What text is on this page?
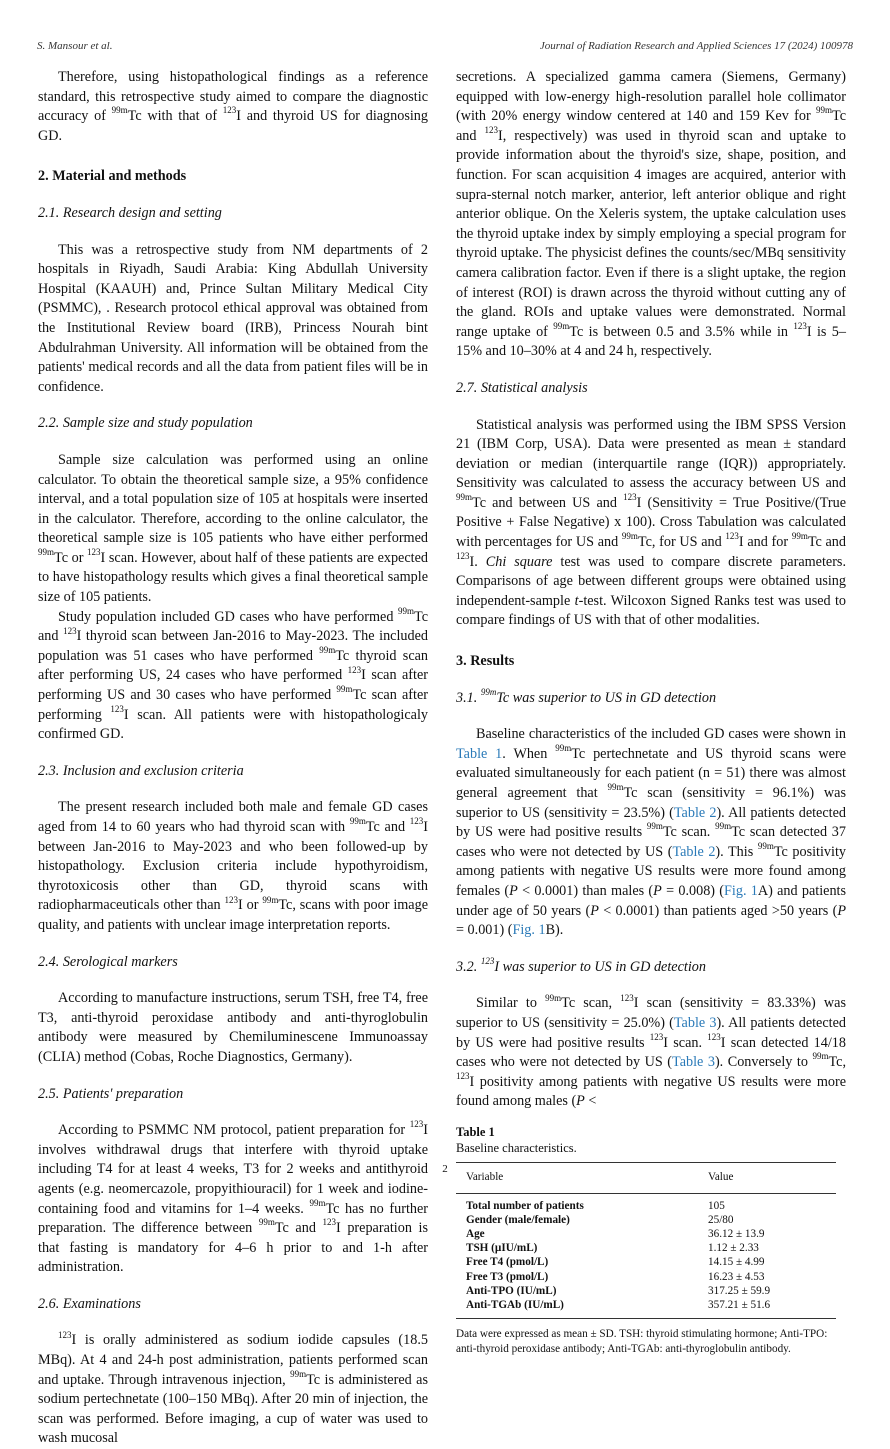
S. Mansour et al.	Journal of Radiation Research and Applied Sciences 17 (2024) 100978

Therefore, using histopathological findings as a reference standard, this retrospective study aimed to compare the diagnostic accuracy of $^{99m}$Tc with that of $^{123}$I and thyroid US for diagnosing GD.

2. Material and methods
2.1. Research design and setting

This was a retrospective study from NM departments of 2 hospitals in Riyadh, Saudi Arabia: King Abdullah University Hospital (KAAUH) and, Prince Sultan Military Medical City (PSMMC), . Research protocol ethical approval was obtained from the Institutional Review board (IRB), Princess Nourah bint Abdulrahman University. All information will be obtained from the patients' medical records and all the data from patient files will be in confidence.

2.2. Sample size and study population

Sample size calculation was performed using an online calculator. To obtain the theoretical sample size, a 95% confidence interval, and a total population size of 105 at hospitals were inserted in the calculator. Therefore, according to the online calculator, the theoretical sample size is 105 patients who have either performed $^{99m}$Tc or $^{123}$I scan. However, about half of these patients are expected to have histopathology results which gives a final theoretical sample size of 105 patients.

Study population included GD cases who have performed $^{99m}$Tc and $^{123}$I thyroid scan between Jan-2016 to May-2023. The included population was 51 cases who have performed $^{99m}$Tc thyroid scan after performing US, 24 cases who have performed $^{123}$I scan after performing US and 30 cases who have performed $^{99m}$Tc scan after performing $^{123}$I scan. All patients were with histopathologicaly confirmed GD.

2.3. Inclusion and exclusion criteria

The present research included both male and female GD cases aged from 14 to 60 years who had thyroid scan with $^{99m}$Tc and $^{123}$I between Jan-2016 to May-2023 and who been followed-up by histopathology. Exclusion criteria include hypothyroidism, thyrotoxicosis other than GD, thyroid scans with radiopharmaceuticals other than $^{123}$I or $^{99m}$Tc, scans with poor image quality, and patients with unclear image interpretation reports.

2.4. Serological markers

According to manufacture instructions, serum TSH, free T4, free T3, anti-thyroid peroxidase antibody and anti-thyroglobulin antibody were measured by Chemiluminescene Immunoassay (CLIA) method (Cobas, Roche Diagnostics, Germany).

2.5. Patients' preparation

According to PSMMC NM protocol, patient preparation for $^{123}$I involves withdrawal drugs that interfere with thyroid uptake including T4 for at least 4 weeks, T3 for 2 weeks and antithyroid agents (e.g. neomercazole, propyithiouracil) for 1 week and iodine-containing food and vitamins for 1–4 weeks. $^{99m}$Tc has no further preparation. The difference between $^{99m}$Tc and $^{123}$I preparation is that fasting is mandatory for 4–6 h prior to and 1-h after administration.

2.6. Examinations

$^{123}$I is orally administered as sodium iodide capsules (18.5 MBq). At 4 and 24-h post administration, patients performed scan and uptake. Through intravenous injection, $^{99m}$Tc is administered as sodium pertechnetate (100–150 MBq). After 20 min of injection, the scan was performed. Before imaging, a cup of water was used to wash mucosal

secretions. A specialized gamma camera (Siemens, Germany) equipped with low-energy high-resolution parallel hole collimator (with 20% energy window centered at 140 and 159 Kev for $^{99m}$Tc and $^{123}$I, respectively) was used in thyroid scan and uptake to provide information about the thyroid's size, shape, position, and function. For scan acquisition 4 images are acquired, anterior with supra-sternal notch marker, anterior, left anterior oblique and right anterior oblique. On the Xeleris system, the uptake calculation uses the thyroid uptake index by simply employing a special program for thyroid uptake. The physicist defines the counts/sec/MBq sensitivity camera calibration factor. Even if there is a slight uptake, the region of interest (ROI) is drawn across the thyroid without cutting any of the gland. ROIs and uptake values were demonstrated. Normal range uptake of $^{99m}$Tc is between 0.5 and 3.5% while in $^{123}$I is 5–15% and 10–30% at 4 and 24 h, respectively.

2.7. Statistical analysis

Statistical analysis was performed using the IBM SPSS Version 21 (IBM Corp, USA). Data were presented as mean ± standard deviation or median (interquartile range (IQR)) appropriately. Sensitivity was calculated to assess the accuracy between US and $^{99m}$Tc and between US and $^{123}$I (Sensitivity = True Positive/(True Positive + False Negative) x 100). Cross Tabulation was calculated with percentages for US and $^{99m}$Tc, for US and $^{123}$I and for $^{99m}$Tc and $^{123}$I. Chi square test was used to compare discrete parameters. Comparisons of age between different groups were obtained using independent-sample t-test. Wilcoxon Signed Ranks test was used to compare findings of US with that of other modalities.

3. Results
3.1. $^{99m}$Tc was superior to US in GD detection

Baseline characteristics of the included GD cases were shown in Table 1. When $^{99m}$Tc pertechnetate and US thyroid scans were evaluated simultaneously for each patient (n = 51) there was almost general agreement that $^{99m}$Tc scan (sensitivity = 96.1%) was superior to US (sensitivity = 23.5%) (Table 2). All patients detected by US were had positive results $^{99m}$Tc scan. $^{99m}$Tc scan detected 37 cases who were not detected by US (Table 2). This $^{99m}$Tc positivity among patients with negative US results were more found among females (P < 0.0001) than males (P = 0.008) (Fig. 1A) and patients under age of 50 years (P < 0.0001) than patients aged >50 years (P = 0.001) (Fig. 1B).

3.2. $^{123}$I was superior to US in GD detection

Similar to $^{99m}$Tc scan, $^{123}$I scan (sensitivity = 83.33%) was superior to US (sensitivity = 25.0%) (Table 3). All patients detected by US were had positive results $^{123}$I scan. $^{123}$I scan detected 14/18 cases who were not detected by US (Table 3). Conversely to $^{99m}$Tc, $^{123}$I positivity among patients with negative US results were more found among males (P <

Table 1
Baseline characteristics.
Variable	Value
Total number of patients	105
Gender (male/female)	25/80
Age	36.12 ± 13.9
TSH (µIU/mL)	1.12 ± 2.33
Free T4 (pmol/L)	14.15 ± 4.99
Free T3 (pmol/L)	16.23 ± 4.53
Anti-TPO (IU/mL)	317.25 ± 59.9
Anti-TGAb (IU/mL)	357.21 ± 51.6
Data were expressed as mean ± SD. TSH: thyroid stimulating hormone; Anti-TPO: anti-thyroid peroxidase antibody; Anti-TGAb: anti-thyroglobulin antibody.
2
